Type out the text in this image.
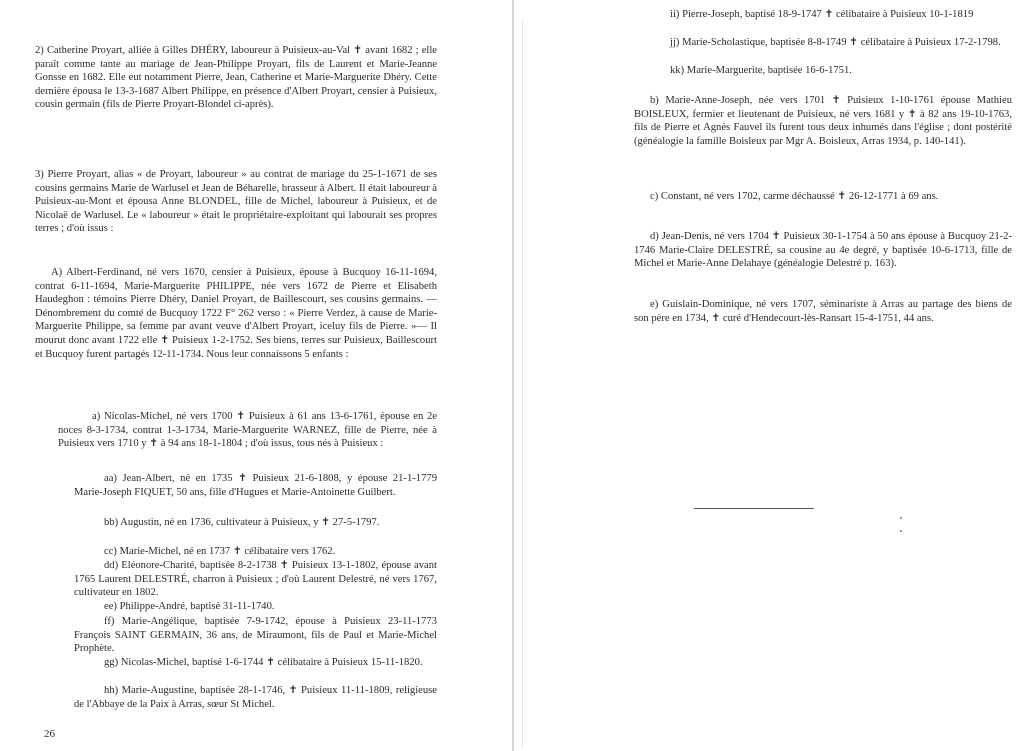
2) Catherine Proyart, alliée à Gilles DHÉRY, laboureur à Puisieux-au-Val ✝ avant 1682 ; elle paraît comme tante au mariage de Jean-Philippe Proyart, fils de Laurent et Marie-Jeanne Gonsse en 1682. Elle eut notamment Pierre, Jean, Catherine et Marie-Marguerite Dhéry. Cette dernière épousa le 13-3-1687 Albert Philippe, en présence d'Albert Proyart, censier à Puisieux, cousin germain (fils de Pierre Proyart-Blondel ci-après).

3) Pierre Proyart, alias « de Proyart, laboureur » au contrat de mariage du 25-1-1671 de ses cousins germains Marie de Warlusel et Jean de Béharelle, brasseur à Albert. Il était laboureur à Puisieux-au-Mont et épousa Anne BLONDEL, fille de Michel, laboureur à Puisieux, et de Nicolaë de Warlusel. Le « laboureur » était le propriétaire-exploitant qui labourait ses propres terres ; d'où issus :

A) Albert-Ferdinand, né vers 1670, censier à Puisieux, épouse à Bucquoy 16-11-1694, contrat 6-11-1694, Marie-Marguerite PHILIPPE, née vers 1672 de Pierre et Elisabeth Haudeghon : témoins Pierre Dhéry, Daniel Proyart, de Baillescourt, ses cousins germains. — Dénombrement du comté de Bucquoy 1722 F° 262 verso : « Pierre Verdez, à cause de Marie-Marguerite Philippe, sa femme par avant veuve d'Albert Proyart, iceluy fils de Pierre. »— Il mourut donc avant 1722 elle ✝ Puisieux 1-2-1752. Ses biens, terres sur Puisieux, Baillescourt et Bucquoy furent partagés 12-11-1734. Nous leur connaissons 5 enfants :

a) Nicolas-Michel, né vers 1700 ✝ Puisieux à 61 ans 13-6-1761, épouse en 2e noces 8-3-1734, contrat 1-3-1734, Marie-Marguerite WARNEZ, fille de Pierre, née à Puisieux vers 1710 y ✝ à 94 ans 18-1-1804 ; d'où issus, tous nés à Puisieux :

aa) Jean-Albert, né en 1735 ✝ Puisieux 21-6-1808, y épouse 21-1-1779 Marie-Joseph FIQUET, 50 ans, fille d'Hugues et Marie-Antoinette Guilbert.

bb) Augustin, né en 1736, cultivateur à Puisieux, y ✝ 27-5-1797.

cc) Marie-Michel, né en 1737 ✝ célibataire vers 1762.

dd) Eléonore-Charité, baptisée 8-2-1738 ✝ Puisieux 13-1-1802, épouse avant 1765 Laurent DELESTRÉ, charron à Puisieux ; d'où Laurent Delestré, né vers 1767, cultivateur en 1802.

ee) Philippe-André, baptisé 31-11-1740.

ff) Marie-Angélique, baptisée 7-9-1742, épouse à Puisieux 23-11-1773 François SAINT GERMAIN, 36 ans, de Miraumont, fils de Paul et Marie-Michel Prophète.

gg) Nicolas-Michel, baptisé 1-6-1744 ✝ célibataire à Puisieux 15-11-1820.

hh) Marie-Augustine, baptisée 28-1-1746, ✝ Puisieux 11-11-1809, religieuse de l'Abbaye de la Paix à Arras, sœur St Michel.

26

ii) Pierre-Joseph, baptisé 18-9-1747 ✝ célibataire à Puisieux 10-1-1819

jj) Marie-Scholastique, baptisée 8-8-1749 ✝ célibataire à Puisieux 17-2-1798.

kk) Marie-Marguerite, baptisée 16-6-1751.

b) Marie-Anne-Joseph, née vers 1701 ✝ Puisieux 1-10-1761 épouse Mathieu BOISLEUX, fermier et lieutenant de Puisieux, né vers 1681 y ✝ à 82 ans 19-10-1763, fils de Pierre et Agnès Fauvel ils furent tous deux inhumés dans l'église ; dont postérité (généalogie la famille Boisleux par Mgr A. Boisleux, Arras 1934, p. 140-141).

c) Constant, né vers 1702, carme déchaussé ✝ 26-12-1771 à 69 ans.

d) Jean-Denis, né vers 1704 ✝ Puisieux 30-1-1754 à 50 ans épouse à Bucquoy 21-2-1746 Marie-Claire DELESTRÉ, sa cousine au 4e degré, y baptisée 10-6-1713, fille de Michel et Marie-Anne Delahaye (généalogie Delestré p. 163).

e) Guislain-Dominique, né vers 1707, séminariste à Arras au partage des biens de son père en 1734, ✝ curé d'Hendecourt-lès-Ransart 15-4-1751, 44 ans.
